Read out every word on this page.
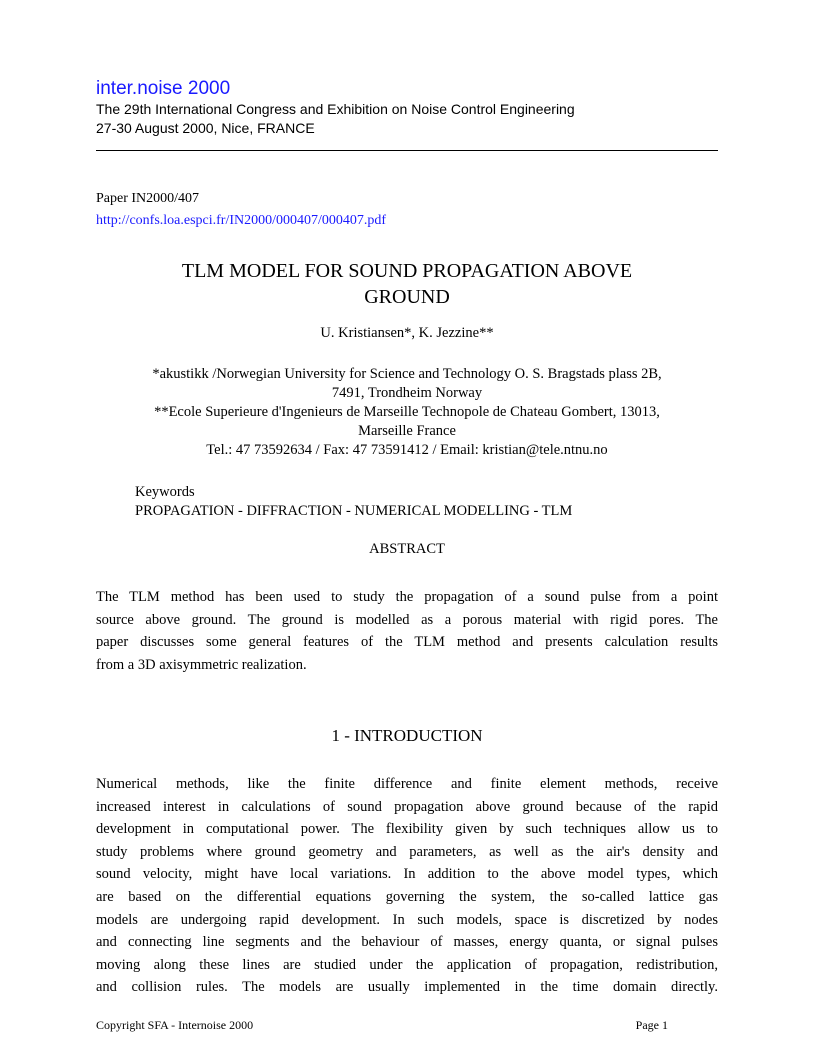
inter.noise 2000
The 29th International Congress and Exhibition on Noise Control Engineering
27-30 August 2000, Nice, FRANCE
Paper IN2000/407
http://confs.loa.espci.fr/IN2000/000407/000407.pdf
TLM MODEL FOR SOUND PROPAGATION ABOVE
GROUND
U. Kristiansen*, K. Jezzine**
*akustikk /Norwegian University for Science and Technology O. S. Bragstads plass 2B,
7491, Trondheim Norway
**Ecole Superieure d'Ingenieurs de Marseille Technopole de Chateau Gombert, 13013,
Marseille France
Tel.: 47 73592634 / Fax: 47 73591412 / Email: kristian@tele.ntnu.no
Keywords
PROPAGATION - DIFFRACTION - NUMERICAL MODELLING - TLM
ABSTRACT
The TLM method has been used to study the propagation of a sound pulse from a point
source above ground. The ground is modelled as a porous material with rigid pores. The
paper discusses some general features of the TLM method and presents calculation results
from a 3D axisymmetric realization.
1 - INTRODUCTION
Numerical methods, like the finite difference and finite element methods, receive
increased interest in calculations of sound propagation above ground because of the rapid
development in computational power. The flexibility given by such techniques allow us to
study problems where ground geometry and parameters, as well as the air's density and
sound velocity, might have local variations. In addition to the above model types, which
are based on the differential equations governing the system, the so-called lattice gas
models are undergoing rapid development. In such models, space is discretized by nodes
and connecting line segments and the behaviour of masses, energy quanta, or signal pulses
moving along these lines are studied under the application of propagation, redistribution,
and collision rules. The models are usually implemented in the time domain directly.
Copyright SFA - Internoise 2000	Page 1
